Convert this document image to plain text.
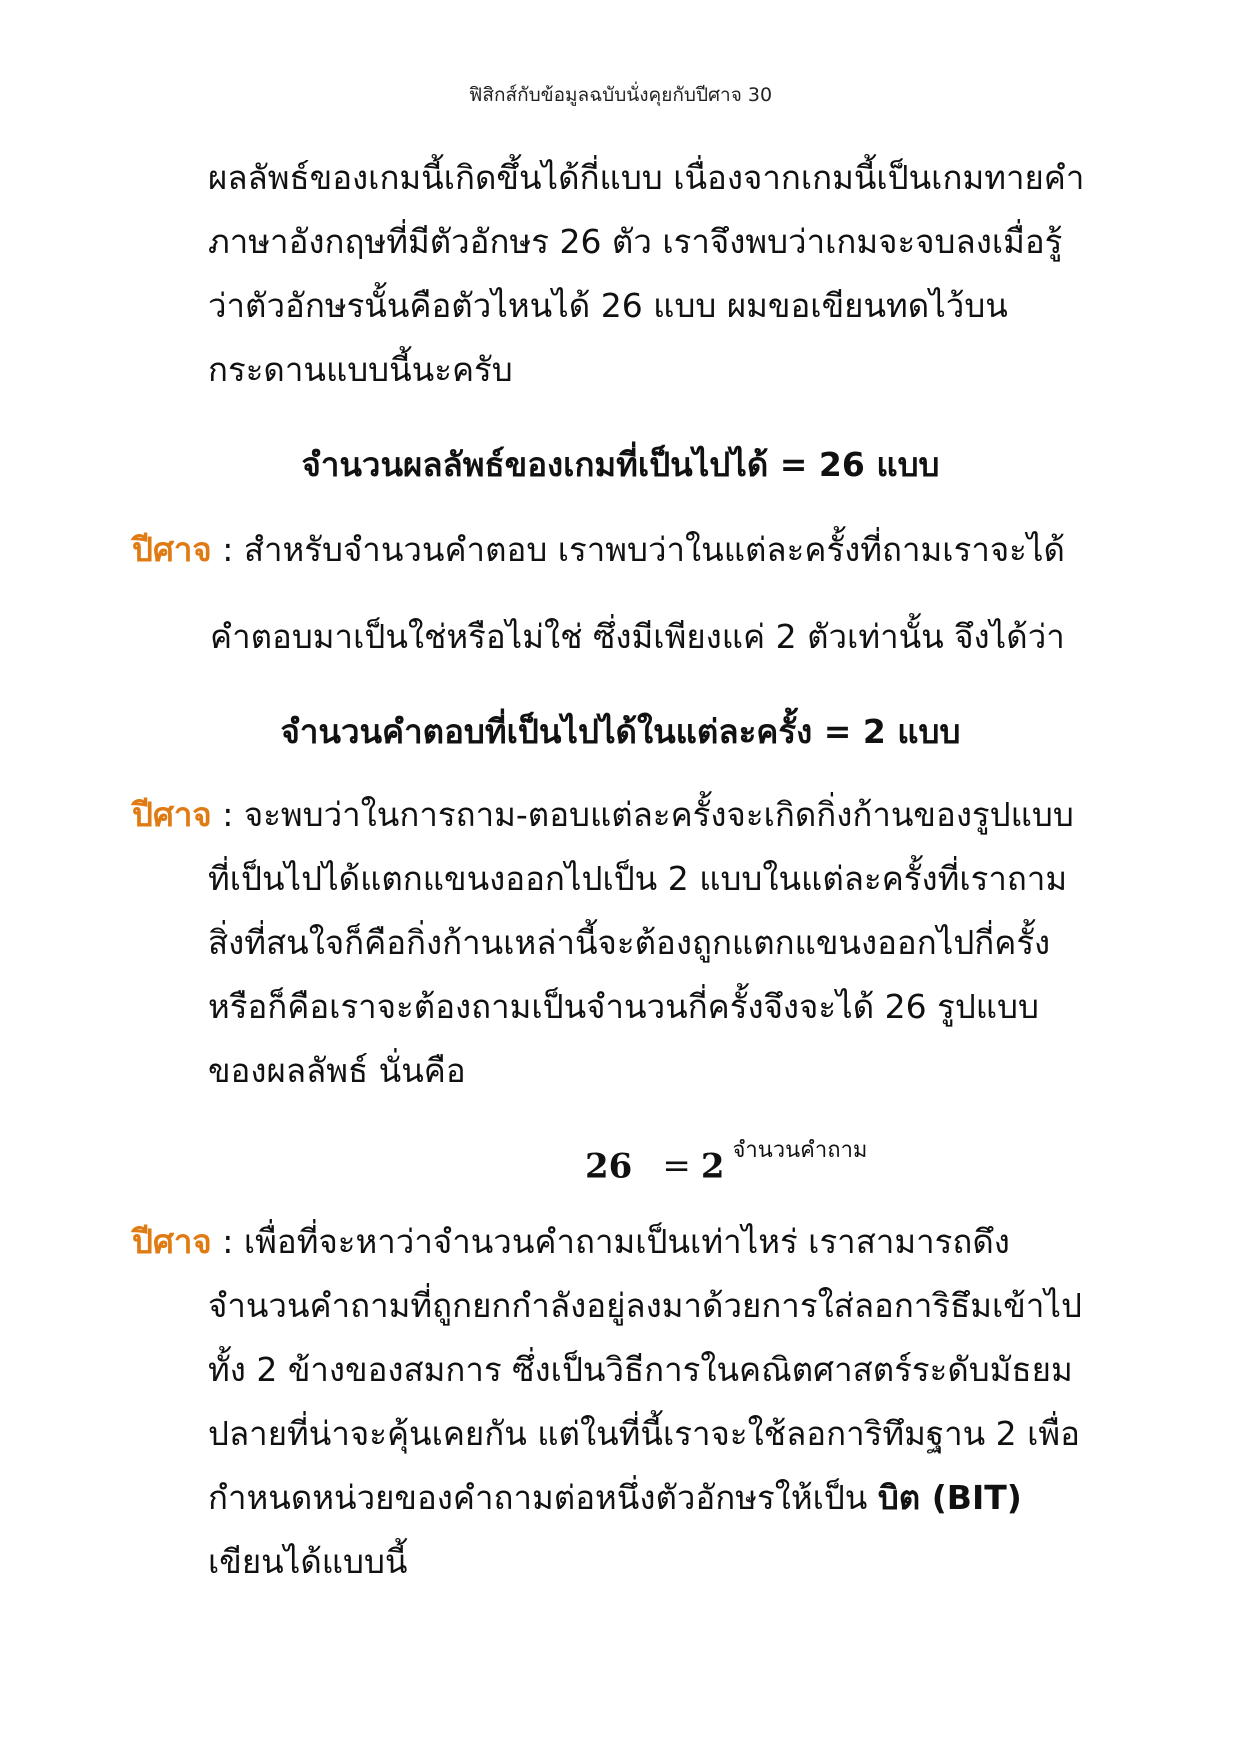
ฟิสิกส์กับข้อมูลฉบับนั่งคุยกับปีศาจ 30
ผลลัพธ์ของเกมนี้เกิดขึ้นได้กี่แบบ เนื่องจากเกมนี้เป็นเกมทายคำ
ภาษาอังกฤษที่มีตัวอักษร 26 ตัว เราจึงพบว่าเกมจะจบลงเมื่อรู้
ว่าตัวอักษรนั้นคือตัวไหนได้ 26 แบบ ผมขอเขียนทดไว้บน
กระดานแบบนี้นะครับ
จำนวนผลลัพธ์ของเกมที่เป็นไปได้ = 26 แบบ
ปีศาจ : สำหรับจำนวนคำตอบ เราพบว่าในแต่ละครั้งที่ถามเราจะได้
คำตอบมาเป็นใช่หรือไม่ใช่ ซึ่งมีเพียงแค่ 2 ตัวเท่านั้น จึงได้ว่า
จำนวนคำตอบที่เป็นไปได้ในแต่ละครั้ง = 2 แบบ
ปีศาจ : จะพบว่าในการถาม-ตอบแต่ละครั้งจะเกิดกิ่งก้านของรูปแบบ
ที่เป็นไปได้แตกแขนงออกไปเป็น 2 แบบในแต่ละครั้งที่เราถาม
สิ่งที่สนใจก็คือกิ่งก้านเหล่านี้จะต้องถูกแตกแขนงออกไปกี่ครั้ง
หรือก็คือเราจะต้องถามเป็นจำนวนกี่ครั้งจึงจะได้ 26 รูปแบบ
ของผลลัพธ์ นั่นคือ
26 = 2 $^{จำนวนคำถาม}$
ปีศาจ : เพื่อที่จะหาว่าจำนวนคำถามเป็นเท่าไหร่ เราสามารถดึง
จำนวนคำถามที่ถูกยกกำลังอยู่ลงมาด้วยการใส่ลอการิธึมเข้าไป
ทั้ง 2 ข้างของสมการ ซึ่งเป็นวิธีการในคณิตศาสตร์ระดับมัธยม
ปลายที่น่าจะคุ้นเคยกัน แต่ในที่นี้เราจะใช้ลอการิทึมฐาน 2 เพื่อ
กำหนดหน่วยของคำถามต่อหนึ่งตัวอักษรให้เป็น บิต (BIT)
เขียนได้แบบนี้
